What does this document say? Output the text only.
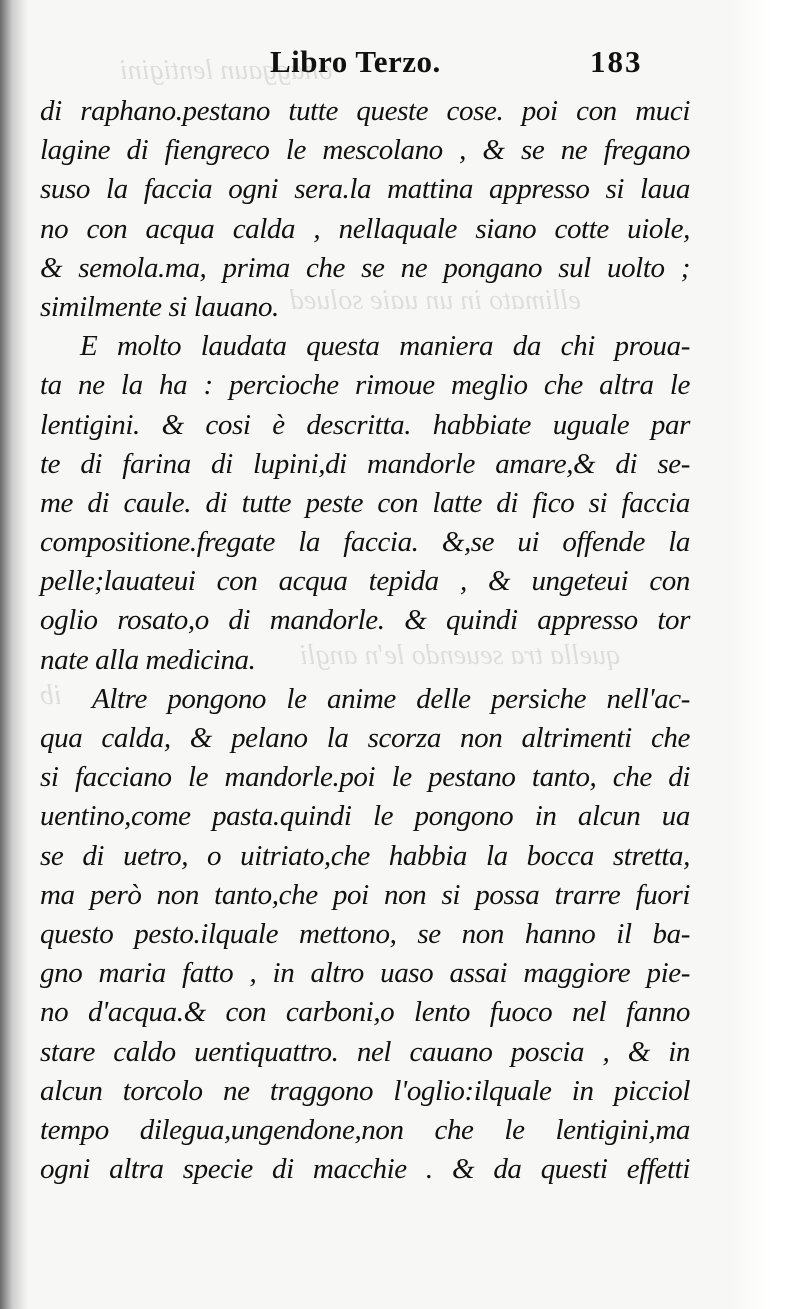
onaggaun lentigini
ellimato in un uaie solued
quella tra seuendo le'n angli
ib
Libro Terzo.	183
di raphano.pestano tutte queste cose. poi con muci
lagine di fiengreco le mescolano , & se ne fregano
suso la faccia ogni sera.la mattina appresso si laua
no con acqua calda , nellaquale siano cotte uiole,
& semola.ma, prima che se ne pongano sul uolto ;
similmente si lauano.
E molto laudata questa maniera da chi proua-
ta ne la ha : percioche rimoue meglio che altra le
lentigini. & cosi è descritta. habbiate uguale par
te di farina di lupini,di mandorle amare,& di se-
me di caule. di tutte peste con latte di fico si faccia
compositione.fregate la faccia. &,se ui offende la
pelle;lauateui con acqua tepida , & ungeteui con
oglio rosato,o di mandorle. & quindi appresso tor
nate alla medicina.
Altre pongono le anime delle persiche nell'ac-
qua calda, & pelano la scorza non altrimenti che
si facciano le mandorle.poi le pestano tanto, che di
uentino,come pasta.quindi le pongono in alcun ua
se di uetro, o uitriato,che habbia la bocca stretta,
ma però non tanto,che poi non si possa trarre fuori
questo pesto.ilquale mettono, se non hanno il ba-
gno maria fatto , in altro uaso assai maggiore pie-
no d'acqua.& con carboni,o lento fuoco nel fanno
stare caldo uentiquattro. nel cauano poscia , & in
alcun torcolo ne traggono l'oglio:ilquale in picciol
tempo dilegua,ungendone,non che le lentigini,ma
ogni altra specie di macchie . & da questi effetti
